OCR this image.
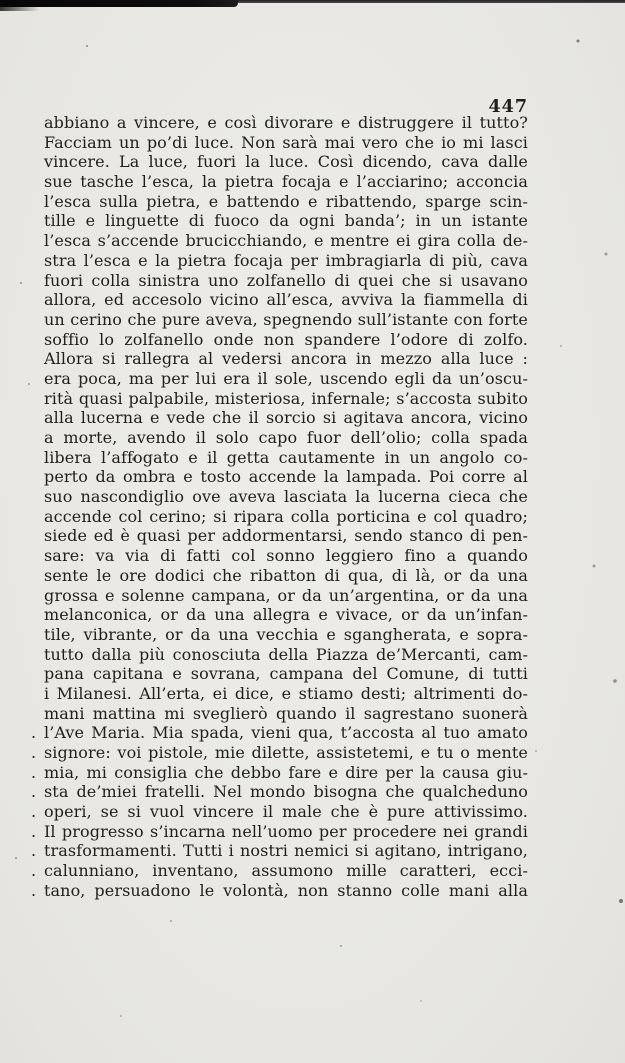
447
abbiano a vincere, e così divorare e distruggere il tutto?
Facciam un po’di luce. Non sarà mai vero che io mi lasci
vincere. La luce, fuori la luce. Così dicendo, cava dalle
sue tasche l’esca, la pietra focaja e l’acciarino; acconcia
l’esca sulla pietra, e battendo e ribattendo, sparge scin-
tille e linguette di fuoco da ogni banda’; in un istante
l’esca s’accende brucicchiando, e mentre ei gira colla de-
stra l’esca e la pietra focaja per imbragiarla di più, cava
fuori colla sinistra uno zolfanello di quei che si usavano
allora, ed accesolo vicino all’esca, avviva la fiammella di
un cerino che pure aveva, spegnendo sull’istante con forte
soffio lo zolfanello onde non spandere l’odore di zolfo.
Allora si rallegra al vedersi ancora in mezzo alla luce :
era poca, ma per lui era il sole, uscendo egli da un’oscu-
rità quasi palpabile, misteriosa, infernale; s’accosta subito
alla lucerna e vede che il sorcio si agitava ancora, vicino
a morte, avendo il solo capo fuor dell’olio; colla spada
libera l’affogato e il getta cautamente in un angolo co-
perto da ombra e tosto accende la lampada. Poi corre al
suo nascondiglio ove aveva lasciata la lucerna cieca che
accende col cerino; si ripara colla porticina e col quadro;
siede ed è quasi per addormentarsi, sendo stanco di pen-
sare: va via di fatti col sonno leggiero fino a quando
sente le ore dodici che ribatton di qua, di là, or da una
grossa e solenne campana, or da un’argentina, or da una
melanconica, or da una allegra e vivace, or da un’infan-
tile, vibrante, or da una vecchia e sgangherata, e sopra-
tutto dalla più conosciuta della Piazza de’Mercanti, cam-
pana capitana e sovrana, campana del Comune, di tutti
i Milanesi. All’erta, ei dice, e stiamo desti; altrimenti do-
mani mattina mi sveglierò quando il sagrestano suonerà
. l’Ave Maria. Mia spada, vieni qua, t’accosta al tuo amato
. signore: voi pistole, mie dilette, assistetemi, e tu o mente
. mia, mi consiglia che debbo fare e dire per la causa giu-
. sta de’miei fratelli. Nel mondo bisogna che qualcheduno
. operi, se si vuol vincere il male che è pure attivissimo.
. Il progresso s’incarna nell’uomo per procedere nei grandi
. trasformamenti. Tutti i nostri nemici si agitano, intrigano,
. calunniano, inventano, assumono mille caratteri, ecci-
. tano, persuadono le volontà, non stanno colle mani alla
